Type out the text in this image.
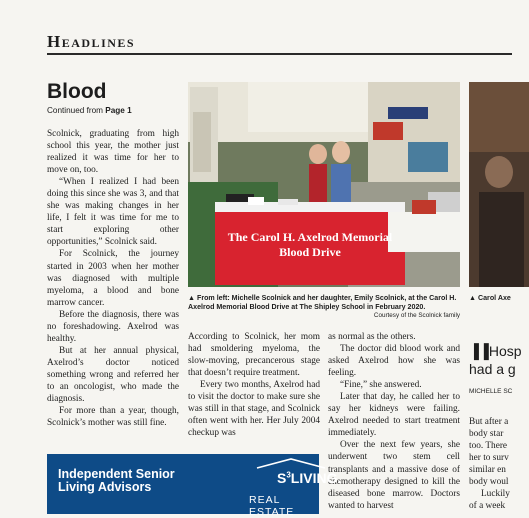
Headlines
Blood
Continued from Page 1

Scolnick, graduating from high school this year, the mother just realized it was time for her to move on, too.

“When I realized I had been doing this since she was 3, and that she was making changes in her life, I felt it was time for me to start exploring other opportunities,” Scolnick said.

For Scolnick, the journey started in 2003 when her mother was diagnosed with multiple myeloma, a blood and bone marrow cancer.

Before the diagnosis, there was no foreshadowing. Axelrod was healthy.

But at her annual physical, Axelrod’s doctor noticed something wrong and referred her to an oncologist, who made the diagnosis.

For more than a year, though, Scolnick’s mother was still fine.

The Carol H. Axelrod Memorial Blood Drive
▲ From left: Michelle Scolnick and her daughter, Emily Scolnick, at the Carol H. Axelrod Memorial Blood Drive at The Shipley School in February 2020.
Courtesy of the Scolnick family
▲ Carol Axe

According to Scolnick, her mom had smoldering myeloma, the slow-moving, precancerous stage that doesn’t require treatment.

Every two months, Axelrod had to visit the doctor to make sure she was still in that stage, and Scolnick often went with her. Her July 2004 checkup was

as normal as the others.

The doctor did blood work and asked Axelrod how she was feeling.

“Fine,” she answered.

Later that day, he called her to say her kidneys were failing. Axelrod needed to start treatment immediately.

Over the next few years, she underwent two stem cell transplants and a massive dose of chemotherapy designed to kill the diseased bone marrow. Doctors wanted to harvest

▐▐Hosp
had a g
MICHELLE SC
But after a
body star
too. There
her to surv
similar en
body woul
Luckily
of a week
Independent Senior
Living Advisors
$S^3LIVING$.
REAL ESTATE
